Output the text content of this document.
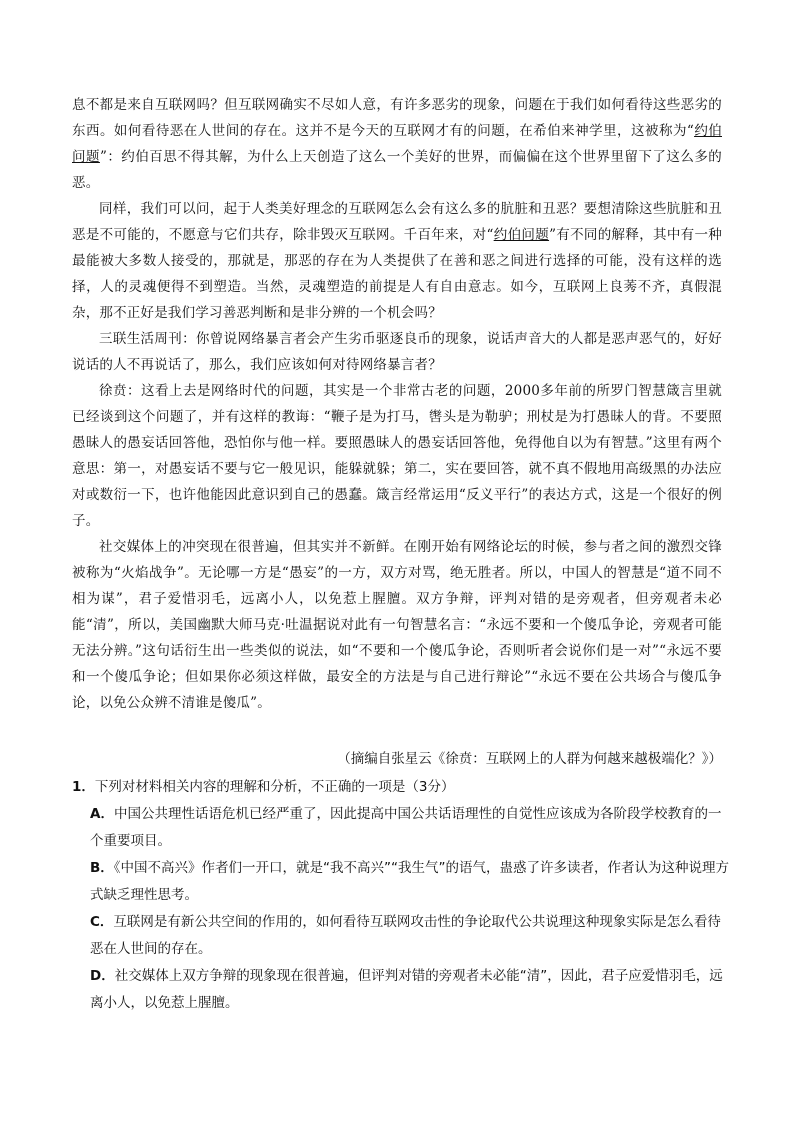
息不都是来自互联网吗？但互联网确实不尽如人意，有许多恶劣的现象，问题在于我们如何看待这些恶劣的东西。如何看待恶在人世间的存在。这并不是今天的互联网才有的问题，在希伯来神学里，这被称为“约伯问题”：约伯百思不得其解，为什么上天创造了这么一个美好的世界，而偏偏在这个世界里留下了这么多的恶。

同样，我们可以问，起于人类美好理念的互联网怎么会有这么多的肮脏和丑恶？要想清除这些肮脏和丑恶是不可能的，不愿意与它们共存，除非毁灭互联网。千百年来，对“约伯问题”有不同的解释，其中有一种最能被大多数人接受的，那就是，那恶的存在为人类提供了在善和恶之间进行选择的可能，没有这样的选择，人的灵魂便得不到塑造。当然，灵魂塑造的前提是人有自由意志。如今，互联网上良莠不齐，真假混杂，那不正好是我们学习善恶判断和是非分辨的一个机会吗？

三联生活周刊：你曾说网络暴言者会产生劣币驱逐良币的现象，说话声音大的人都是恶声恶气的，好好说话的人不再说话了，那么，我们应该如何对待网络暴言者？

徐贲：这看上去是网络时代的问题，其实是一个非常古老的问题，2000多年前的所罗门智慧箴言里就已经谈到这个问题了，并有这样的教诲：“鞭子是为打马，辔头是为勒驴；刑杖是为打愚昧人的背。不要照愚昧人的愚妄话回答他，恐怕你与他一样。要照愚昧人的愚妄话回答他，免得他自以为有智慧。”这里有两个意思：第一，对愚妄话不要与它一般见识，能躲就躲；第二，实在要回答，就不真不假地用高级黑的办法应对或数衍一下，也许他能因此意识到自己的愚蠢。箴言经常运用“反义平行”的表达方式，这是一个很好的例子。

社交媒体上的冲突现在很普遍，但其实并不新鲜。在刚开始有网络论坛的时候，参与者之间的激烈交锋被称为“火焰战争”。无论哪一方是“愚妄”的一方，双方对骂，绝无胜者。所以，中国人的智慧是“道不同不相为谋”，君子爱惜羽毛，远离小人，以免惹上腥膻。双方争辩，评判对错的是旁观者，但旁观者未必能“清”，所以，美国幽默大师马克·吐温据说对此有一句智慧名言：“永远不要和一个傻瓜争论，旁观者可能无法分辨。”这句话衍生出一些类似的说法，如“不要和一个傻瓜争论，否则听者会说你们是一对”“永远不要和一个傻瓜争论；但如果你必须这样做，最安全的方法是与自己进行辩论”“永远不要在公共场合与傻瓜争论，以免公众辨不清谁是傻瓜”。

（摘编自张星云《徐贲：互联网上的人群为何越来越极端化？》）

1．下列对材料相关内容的理解和分析，不正确的一项是（3分）

A．中国公共理性话语危机已经严重了，因此提高中国公共话语理性的自觉性应该成为各阶段学校教育的一个重要项目。

B．《中国不高兴》作者们一开口，就是“我不高兴”“我生气”的语气，蛊惑了许多读者，作者认为这种说理方式缺乏理性思考。

C．互联网是有新公共空间的作用的，如何看待互联网攻击性的争论取代公共说理这种现象实际是怎么看待恶在人世间的存在。

D．社交媒体上双方争辩的现象现在很普遍，但评判对错的旁观者未必能“清”，因此，君子应爱惜羽毛，远离小人，以免惹上腥膻。
